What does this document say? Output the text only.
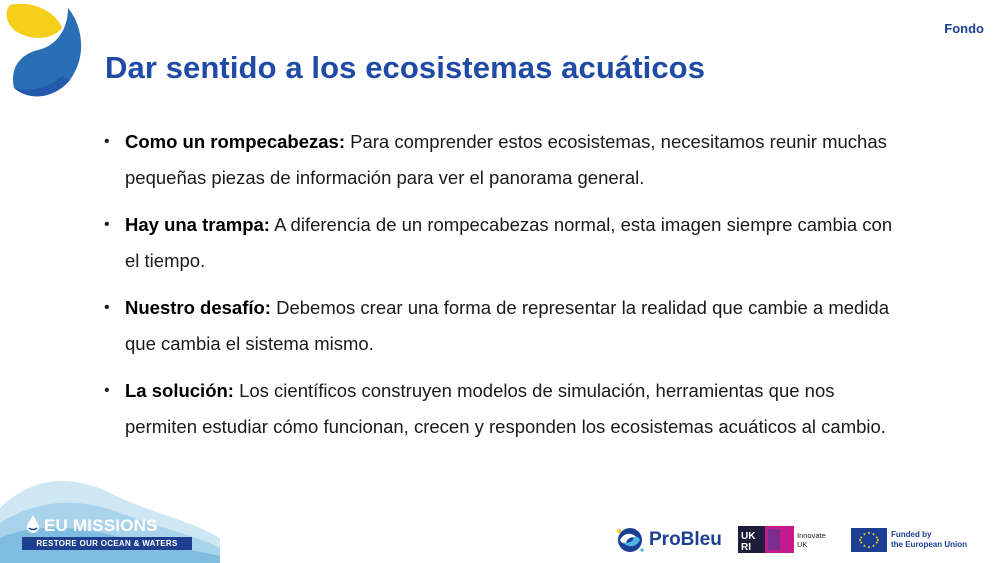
Fondo
Dar sentido a los ecosistemas acuáticos
• Como un rompecabezas: Para comprender estos ecosistemas, necesitamos reunir muchas pequeñas piezas de información para ver el panorama general.
• Hay una trampa: A diferencia de un rompecabezas normal, esta imagen siempre cambia con el tiempo.
• Nuestro desafío: Debemos crear una forma de representar la realidad que cambie a medida que cambia el sistema mismo.
• La solución: Los científicos construyen modelos de simulación, herramientas que nos permiten estudiar cómo funcionan, crecen y responden los ecosistemas acuáticos al cambio.
EU MISSIONS
RESTORE OUR OCEAN & WATERS	ProBleu UK
RI
Innovate
UK
Funded by
the European Union
